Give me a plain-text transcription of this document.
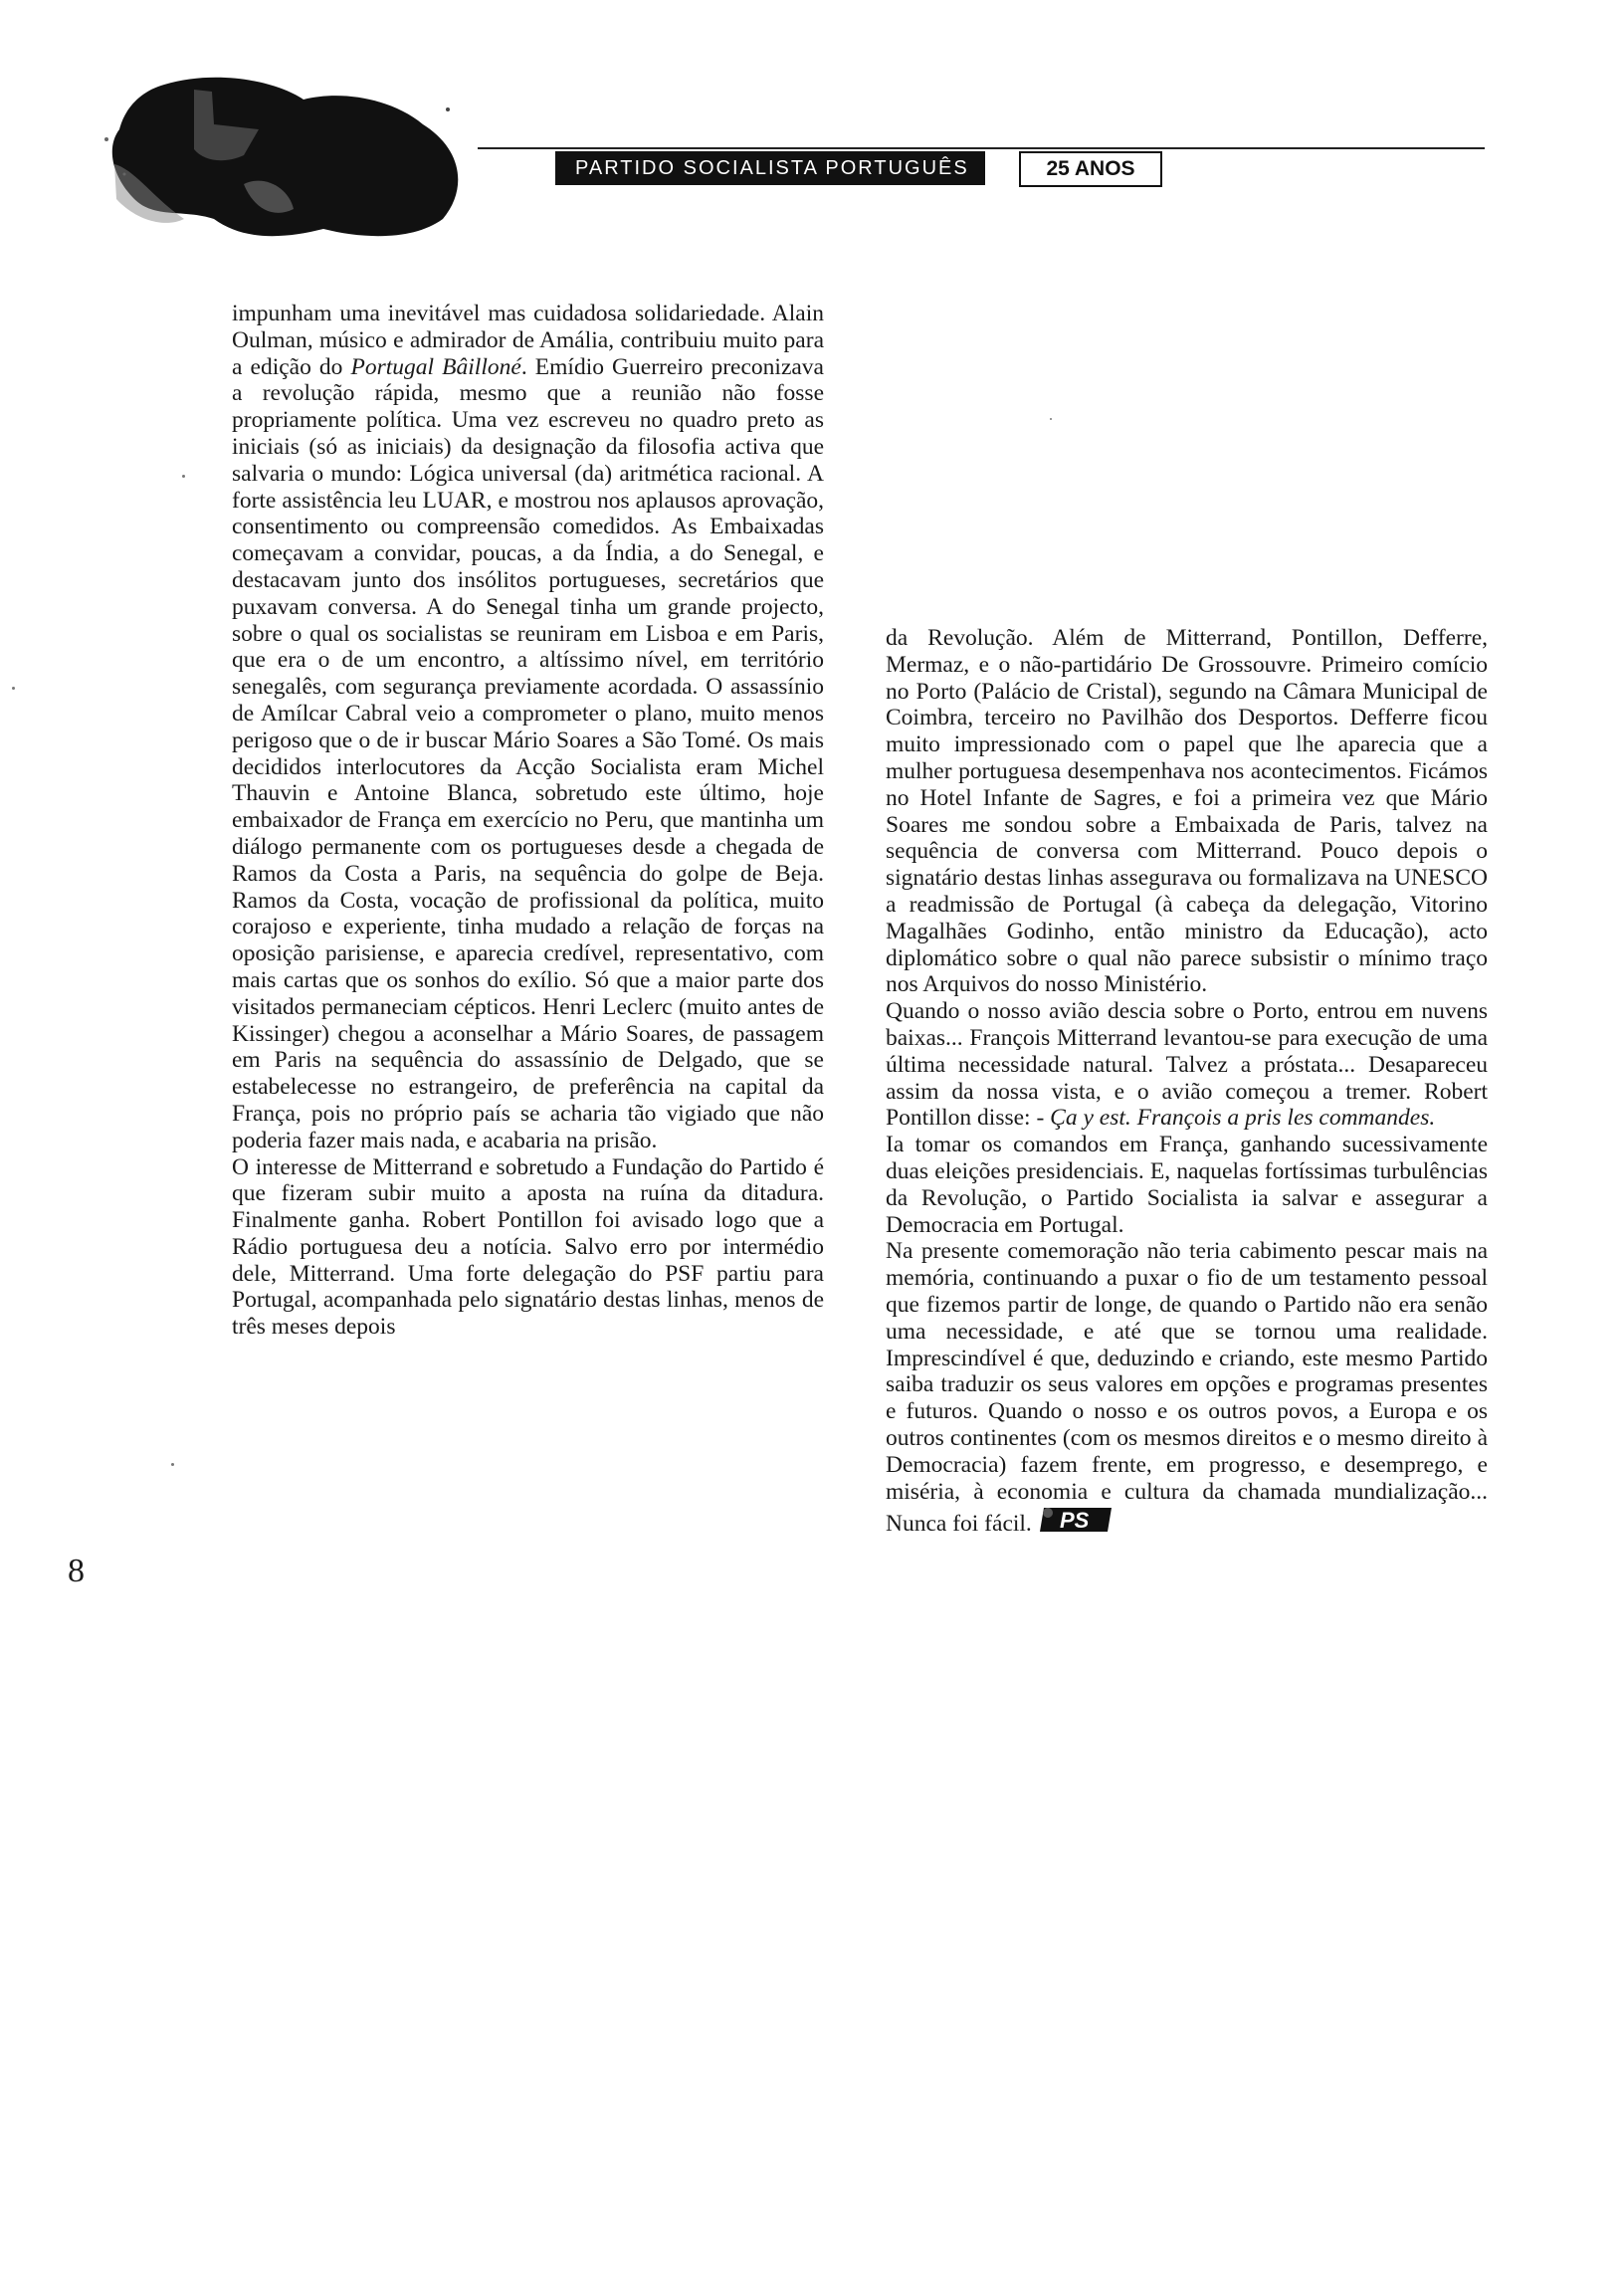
PARTIDO SOCIALISTA PORTUGUÊS	25 ANOS

impunham uma inevitável mas cuidadosa solidariedade. Alain Oulman, músico e admirador de Amália, contribuiu muito para a edição do Portugal Bâilloné. Emídio Guerreiro preconizava a revolução rápida, mesmo que a reunião não fosse propriamente política. Uma vez escreveu no quadro preto as iniciais (só as iniciais) da designação da filosofia activa que salvaria o mundo: Lógica universal (da) aritmética racional. A forte assistência leu LUAR, e mostrou nos aplausos aprovação, consentimento ou compreensão comedidos. As Embaixadas começavam a convidar, poucas, a da Índia, a do Senegal, e destacavam junto dos insólitos portugueses, secretários que puxavam conversa. A do Senegal tinha um grande projecto, sobre o qual os socialistas se reuniram em Lisboa e em Paris, que era o de um encontro, a altíssimo nível, em território senegalês, com segurança previamente acordada. O assassínio de Amílcar Cabral veio a comprometer o plano, muito menos perigoso que o de ir buscar Mário Soares a São Tomé. Os mais decididos interlocutores da Acção Socialista eram Michel Thauvin e Antoine Blanca, sobretudo este último, hoje embaixador de França em exercício no Peru, que mantinha um diálogo permanente com os portugueses desde a chegada de Ramos da Costa a Paris, na sequência do golpe de Beja. Ramos da Costa, vocação de profissional da política, muito corajoso e experiente, tinha mudado a relação de forças na oposição parisiense, e aparecia credível, representativo, com mais cartas que os sonhos do exílio. Só que a maior parte dos visitados permaneciam cépticos. Henri Leclerc (muito antes de Kissinger) chegou a aconselhar a Mário Soares, de passagem em Paris na sequência do assassínio de Delgado, que se estabelecesse no estrangeiro, de preferência na capital da França, pois no próprio país se acharia tão vigiado que não poderia fazer mais nada, e acabaria na prisão.

O interesse de Mitterrand e sobretudo a Fundação do Partido é que fizeram subir muito a aposta na ruína da ditadura. Finalmente ganha. Robert Pontillon foi avisado logo que a Rádio portuguesa deu a notícia. Salvo erro por intermédio dele, Mitterrand. Uma forte delegação do PSF partiu para Portugal, acompanhada pelo signatário destas linhas, menos de três meses depois

da Revolução. Além de Mitterrand, Pontillon, Defferre, Mermaz, e o não-partidário De Grossouvre. Primeiro comício no Porto (Palácio de Cristal), segundo na Câmara Municipal de Coimbra, terceiro no Pavilhão dos Desportos. Defferre ficou muito impressionado com o papel que lhe aparecia que a mulher portuguesa desempenhava nos acontecimentos. Ficámos no Hotel Infante de Sagres, e foi a primeira vez que Mário Soares me sondou sobre a Embaixada de Paris, talvez na sequência de conversa com Mitterrand. Pouco depois o signatário destas linhas assegurava ou formalizava na UNESCO a readmissão de Portugal (à cabeça da delegação, Vitorino Magalhães Godinho, então ministro da Educação), acto diplomático sobre o qual não parece subsistir o mínimo traço nos Arquivos do nosso Ministério.

Quando o nosso avião descia sobre o Porto, entrou em nuvens baixas... François Mitterrand levantou-se para execução de uma última necessidade natural. Talvez a próstata... Desapareceu assim da nossa vista, e o avião começou a tremer. Robert Pontillon disse: - Ça y est. François a pris les commandes.

Ia tomar os comandos em França, ganhando sucessivamente duas eleições presidenciais. E, naquelas fortíssimas turbulências da Revolução, o Partido Socialista ia salvar e assegurar a Democracia em Portugal.

Na presente comemoração não teria cabimento pescar mais na memória, continuando a puxar o fio de um testamento pessoal que fizemos partir de longe, de quando o Partido não era senão uma necessidade, e até que se tornou uma realidade. Imprescindível é que, deduzindo e criando, este mesmo Partido saiba traduzir os seus valores em opções e programas presentes e futuros. Quando o nosso e os outros povos, a Europa e os outros continentes (com os mesmos direitos e o mesmo direito à Democracia) fazem frente, em progresso, e desemprego, e miséria, à economia e cultura da chamada mundialização... Nunca foi fácil. PS

8
